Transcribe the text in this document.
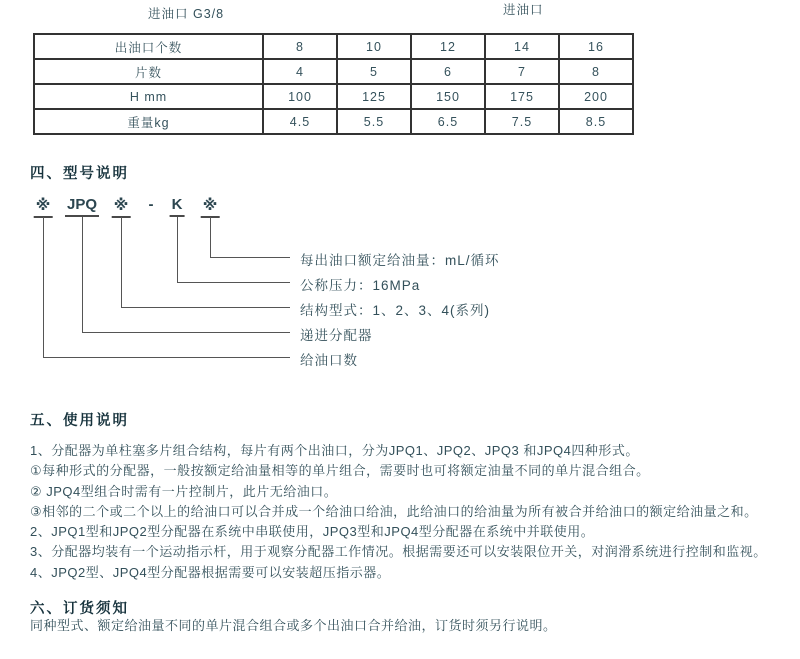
进油口 G3/8	进油口
出油口个数	8	10	12	14	16
片数	4	5	6	7	8
H mm	100	125	150	175	200
重量kg	4.5	5.5	6.5	7.5	8.5
四、型号说明
※ JPQ ※ - K ※
每出油口额定给油量：mL/循环
公称压力：16MPa
结构型式：1、2、3、4(系列)
递进分配器
给油口数
五、使用说明
1、分配器为单柱塞多片组合结构，每片有两个出油口，分为JPQ1、JPQ2、JPQ3 和JPQ4四种形式。
①每种形式的分配器，一般按额定给油量相等的单片组合，需要时也可将额定油量不同的单片混合组合。
② JPQ4型组合时需有一片控制片，此片无给油口。
③相邻的二个或二个以上的给油口可以合并成一个给油口给油，此给油口的给油量为所有被合并给油口的额定给油量之和。
2、JPQ1型和JPQ2型分配器在系统中串联使用，JPQ3型和JPQ4型分配器在系统中并联使用。
3、分配器均装有一个运动指示杆，用于观察分配器工作情况。根据需要还可以安装限位开关，对润滑系统进行控制和监视。
4、JPQ2型、JPQ4型分配器根据需要可以安装超压指示器。
六、订货须知
同种型式、额定给油量不同的单片混合组合或多个出油口合并给油，订货时须另行说明。
